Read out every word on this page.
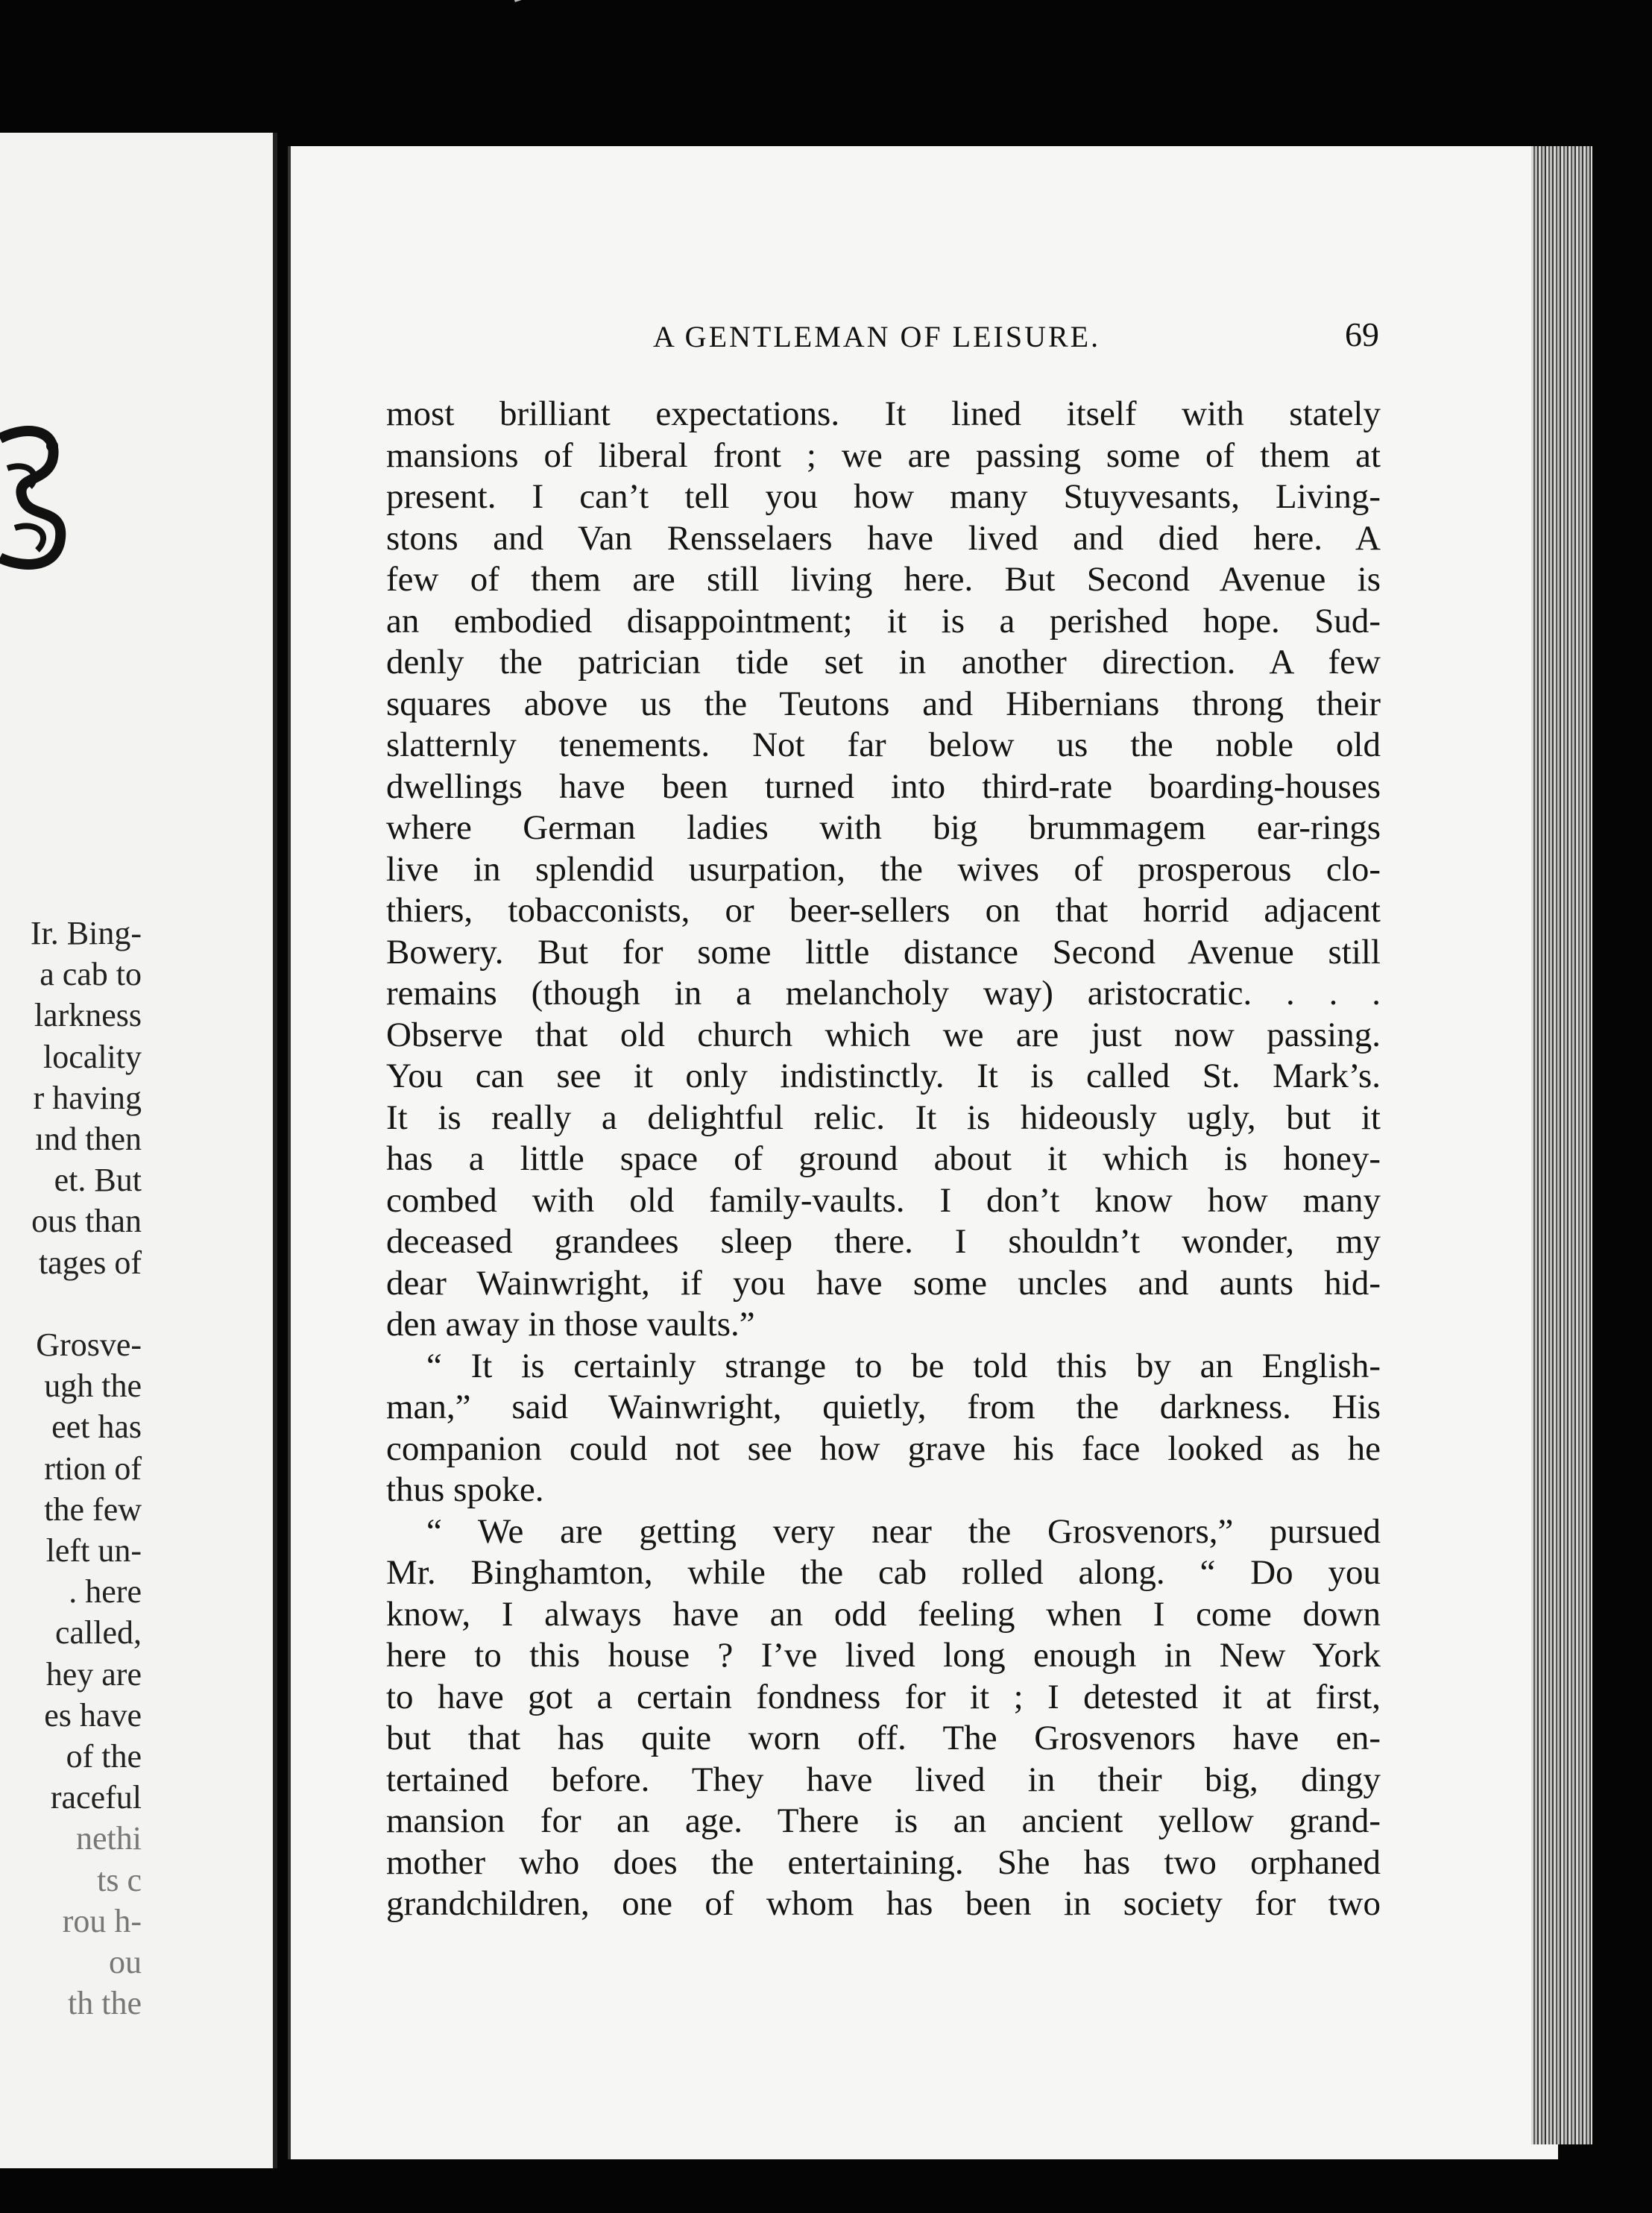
Ir. Bing-
a cab to
larkness
locality
r having
ınd then
et. But
ous than
tages of

Grosve-
ugh the
eet has
rtion of
the few
left un-
. here
called,
hey are
es have
of the
raceful
nethi
ts c
rou h-
ou
th the
A GENTLEMAN OF LEISURE.	69
most brilliant expectations. It lined itself with stately
mansions of liberal front ; we are passing some of them at
present. I can’t tell you how many Stuyvesants, Living-
stons and Van Rensselaers have lived and died here. A
few of them are still living here. But Second Avenue is
an embodied disappointment; it is a perished hope. Sud-
denly the patrician tide set in another direction. A few
squares above us the Teutons and Hibernians throng their
slatternly tenements. Not far below us the noble old
dwellings have been turned into third-rate boarding-houses
where German ladies with big brummagem ear-rings
live in splendid usurpation, the wives of prosperous clo-
thiers, tobacconists, or beer-sellers on that horrid adjacent
Bowery. But for some little distance Second Avenue still
remains (though in a melancholy way) aristocratic. . . .
Observe that old church which we are just now passing.
You can see it only indistinctly. It is called St. Mark’s.
It is really a delightful relic. It is hideously ugly, but it
has a little space of ground about it which is honey-
combed with old family-vaults. I don’t know how many
deceased grandees sleep there. I shouldn’t wonder, my
dear Wainwright, if you have some uncles and aunts hid-
den away in those vaults.”
“ It is certainly strange to be told this by an English-
man,” said Wainwright, quietly, from the darkness. His
companion could not see how grave his face looked as he
thus spoke.
“ We are getting very near the Grosvenors,” pursued
Mr. Binghamton, while the cab rolled along. “ Do you
know, I always have an odd feeling when I come down
here to this house ? I’ve lived long enough in New York
to have got a certain fondness for it ; I detested it at first,
but that has quite worn off. The Grosvenors have en-
tertained before. They have lived in their big, dingy
mansion for an age. There is an ancient yellow grand-
mother who does the entertaining. She has two orphaned
grandchildren, one of whom has been in society for two
